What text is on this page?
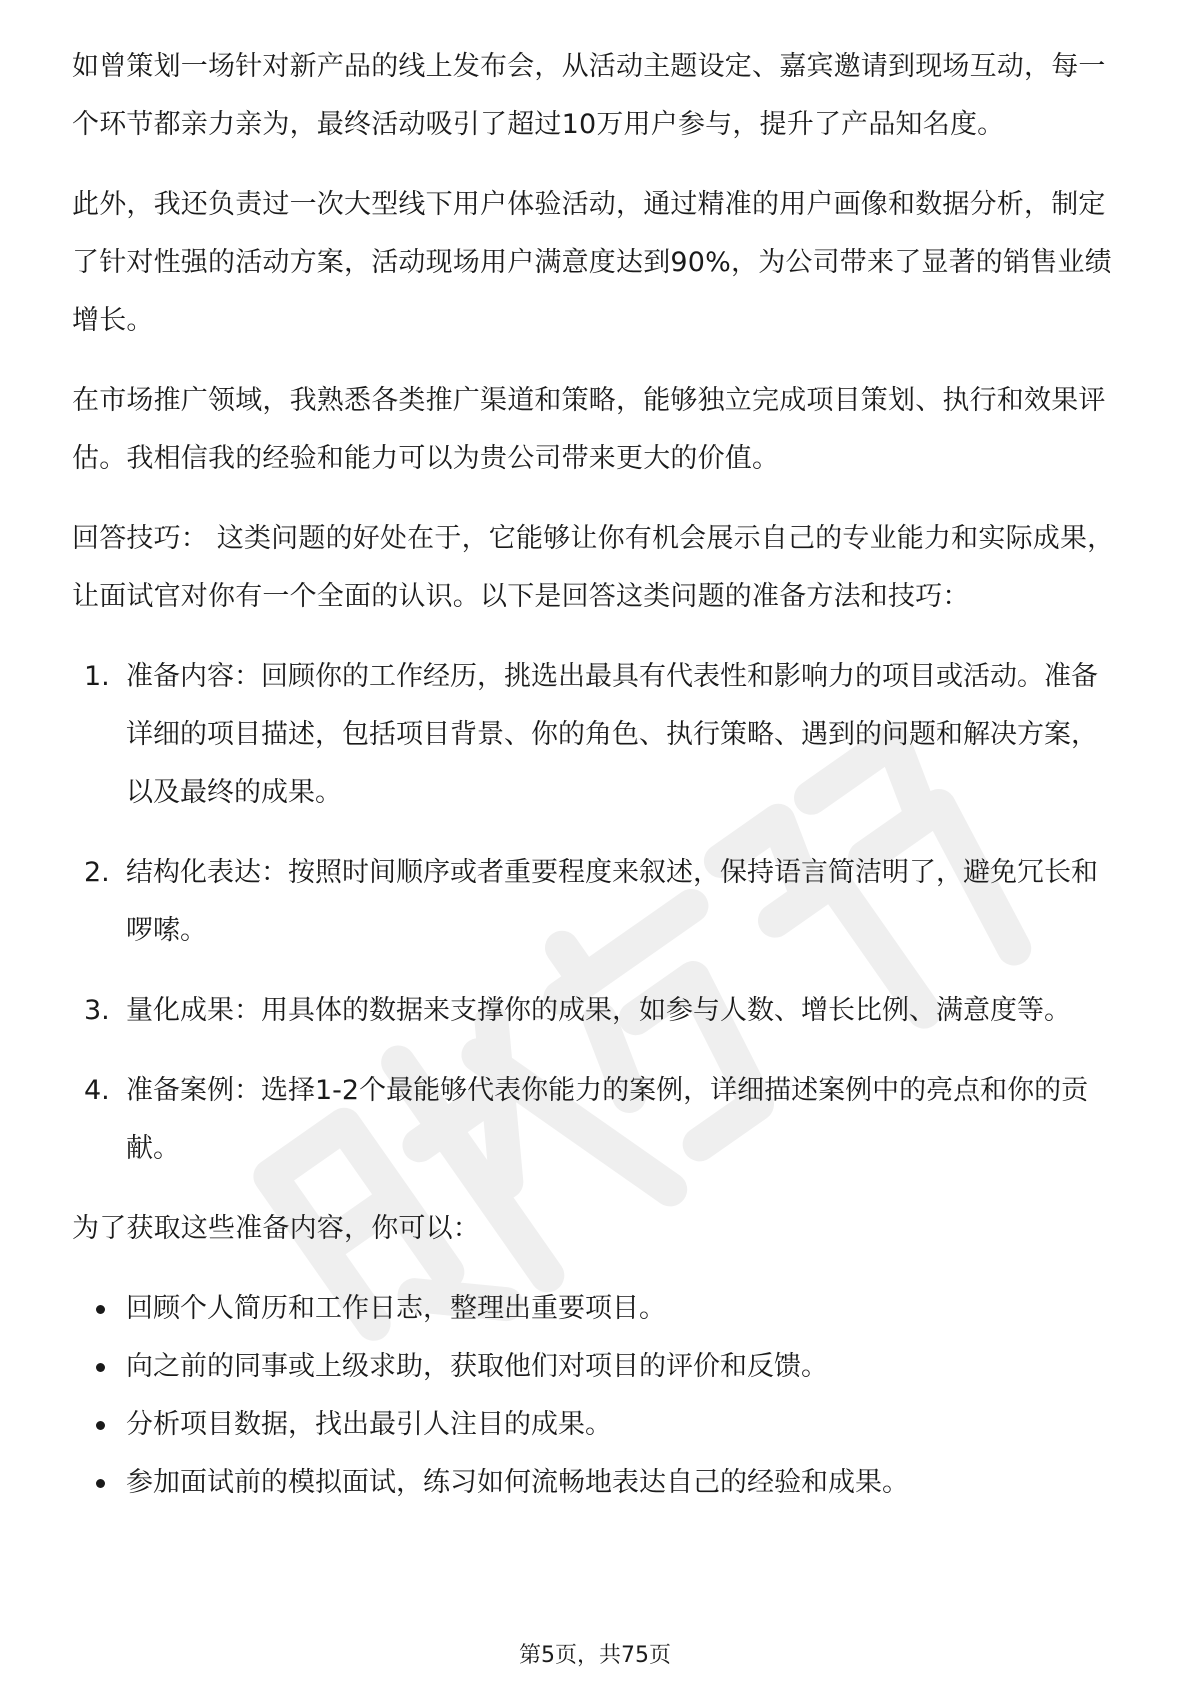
如曾策划一场针对新产品的线上发布会，从活动主题设定、嘉宾邀请到现场互动，每一个环节都亲力亲为，最终活动吸引了超过10万用户参与，提升了产品知名度。

此外，我还负责过一次大型线下用户体验活动，通过精准的用户画像和数据分析，制定了针对性强的活动方案，活动现场用户满意度达到90%，为公司带来了显著的销售业绩增长。

在市场推广领域，我熟悉各类推广渠道和策略，能够独立完成项目策划、执行和效果评估。我相信我的经验和能力可以为贵公司带来更大的价值。

回答技巧： 这类问题的好处在于，它能够让你有机会展示自己的专业能力和实际成果，让面试官对你有一个全面的认识。以下是回答这类问题的准备方法和技巧：

1. 准备内容：回顾你的工作经历，挑选出最具有代表性和影响力的项目或活动。准备详细的项目描述，包括项目背景、你的角色、执行策略、遇到的问题和解决方案，以及最终的成果。
2. 结构化表达：按照时间顺序或者重要程度来叙述，保持语言简洁明了，避免冗长和啰嗦。
3. 量化成果：用具体的数据来支撑你的成果，如参与人数、增长比例、满意度等。
4. 准备案例：选择1-2个最能够代表你能力的案例，详细描述案例中的亮点和你的贡献。

为了获取这些准备内容，你可以：

回顾个人简历和工作日志，整理出重要项目。
向之前的同事或上级求助，获取他们对项目的评价和反馈。
分析项目数据，找出最引人注目的成果。
参加面试前的模拟面试，练习如何流畅地表达自己的经验和成果。
第5页，共75页
